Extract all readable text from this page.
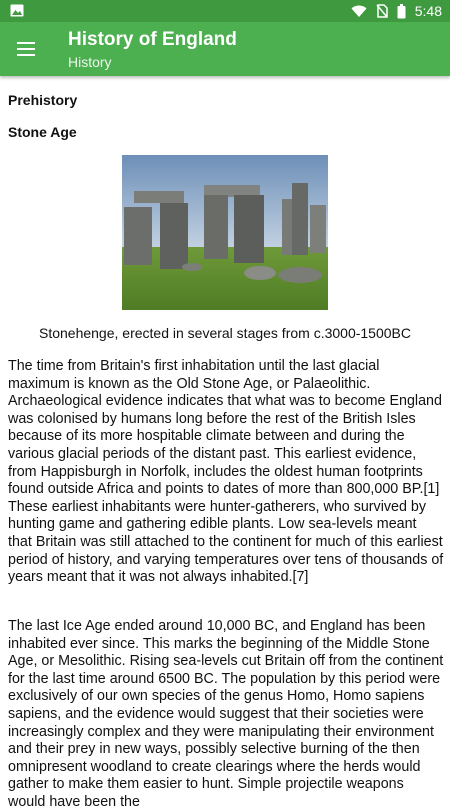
5:48
History of England
History
Prehistory
Stone Age
Stonehenge, erected in several stages from c.3000-1500BC
The time from Britain's first inhabitation until the last glacial maximum is known as the Old Stone Age, or Palaeolithic. Archaeological evidence indicates that what was to become England was colonised by humans long before the rest of the British Isles because of its more hospitable climate between and during the various glacial periods of the distant past. This earliest evidence, from Happisburgh in Norfolk, includes the oldest human footprints found outside Africa and points to dates of more than 800,000 BP.[1] These earliest inhabitants were hunter-gatherers, who survived by hunting game and gathering edible plants. Low sea-levels meant that Britain was still attached to the continent for much of this earliest period of history, and varying temperatures over tens of thousands of years meant that it was not always inhabited.[7]
The last Ice Age ended around 10,000 BC, and England has been inhabited ever since. This marks the beginning of the Middle Stone Age, or Mesolithic. Rising sea-levels cut Britain off from the continent for the last time around 6500 BC. The population by this period were exclusively of our own species of the genus Homo, Homo sapiens sapiens, and the evidence would suggest that their societies were increasingly complex and they were manipulating their environment and their prey in new ways, possibly selective burning of the then omnipresent woodland to create clearings where the herds would gather to make them easier to hunt. Simple projectile weapons would have been the
